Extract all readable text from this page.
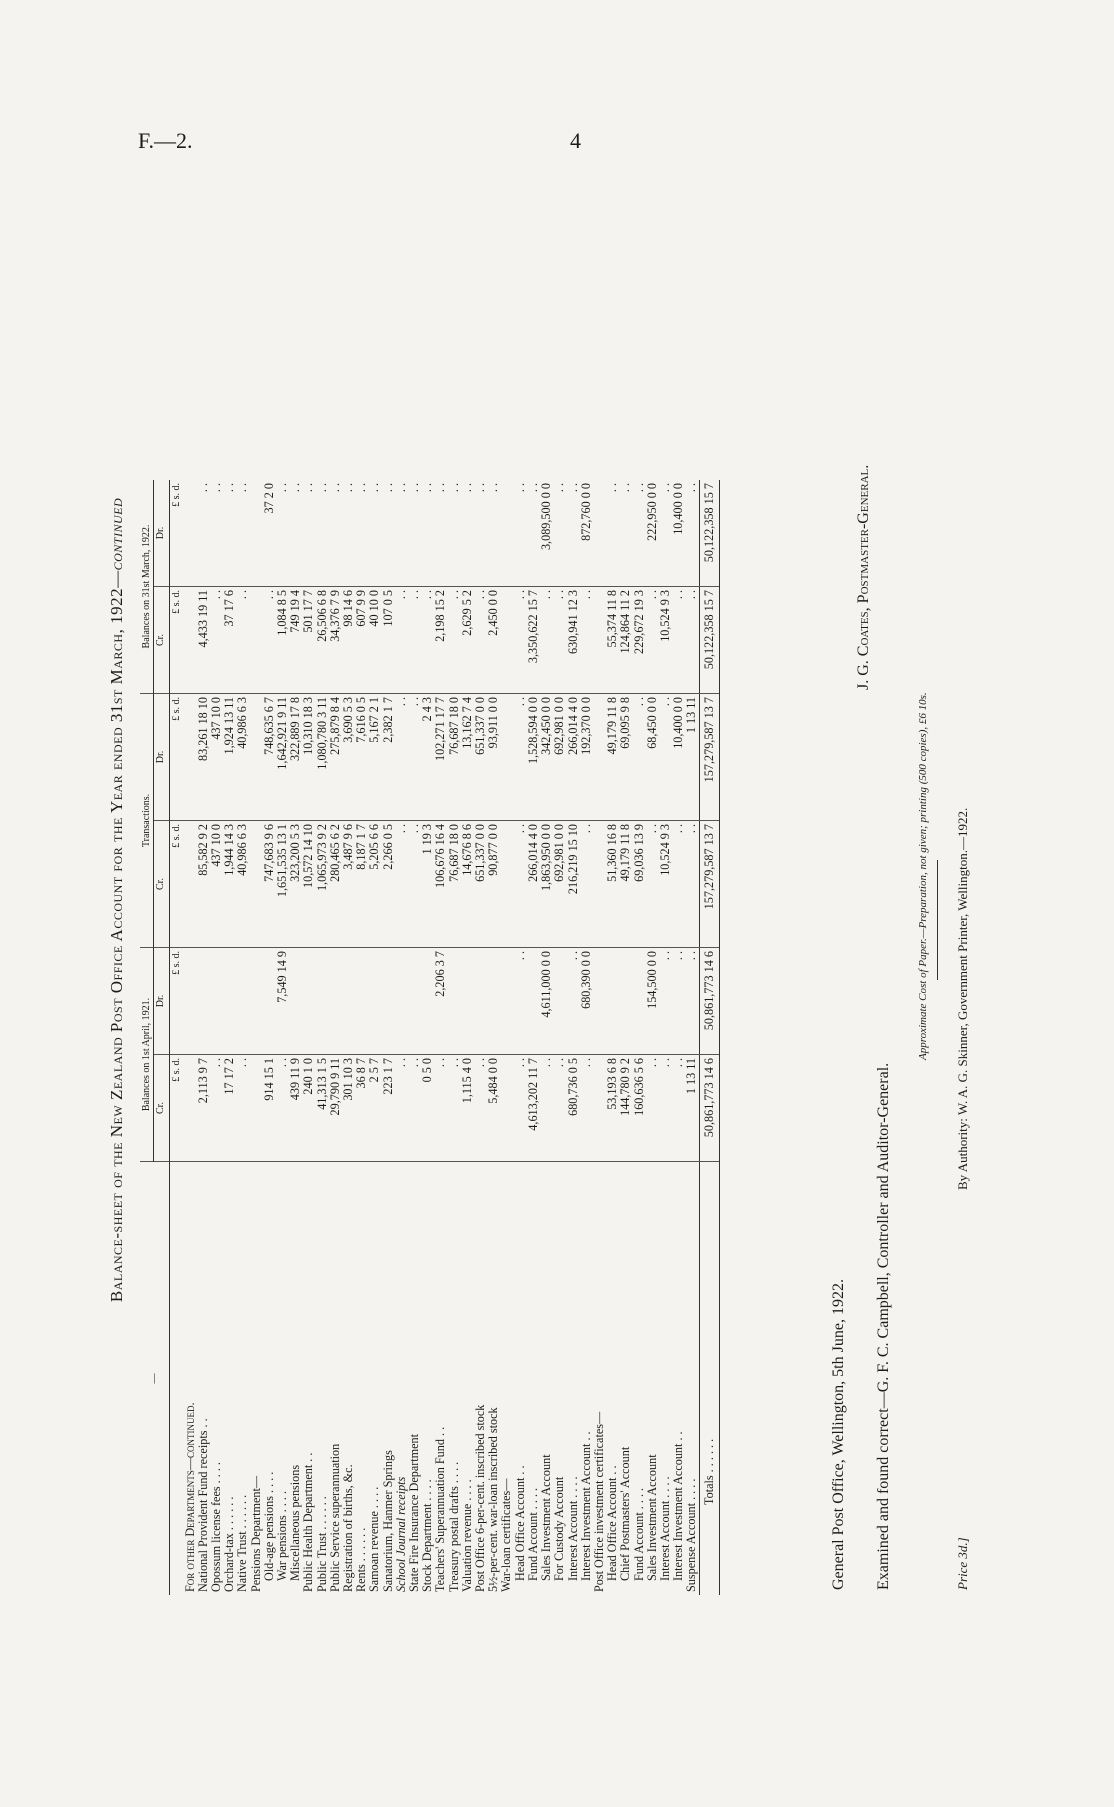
F.—2.	4
Balance-sheet of the New Zealand Post Office Account for the Year ended 31st March, 1922—continued
—	Balances on 1st April, 1921.		Transactions.		Balances on 31st March, 1922.	
	Cr.	Dr.	Cr.	Dr.	Cr.	Dr.
	£ s. d.	£ s. d.	£ s. d.	£ s. d.	£ s. d.	£ s. d.
For other Departments—continued.						
National Provident Fund receipts . .	2,113 9 7		85,582 9 2	83,261 18 10	4,433 19 11	. .
Opossum license fees . . . .	. .		437 10 0	437 10 0	. .	. .
Orchard-tax . . . . . .	17 17 2		1,944 14 3	1,924 13 11	37 17 6	. .
Native Trust . . . . . .	. .		40,986 6 3	40,986 6 3	. .	. .
Pensions Department—						
Old-age pensions . . . .	914 15 1		747,683 9 6	748,635 6 7	. .	37 2 0
War pensions . . . .	. .	7,549 14 9	1,651,535 13 1	1,642,921 9 11	1,084 8 5	. .
Miscellaneous pensions	439 11 9		323,200 5 3	322,889 17 8	749 19 4	. .
Public Health Department . .	240 1 0		10,572 14 10	10,310 18 3	501 17 7	. .
Public Trust . . . . . .	41,313 1 5		1,065,973 9 2	1,080,780 3 11	26,506 6 8	. .
Public Service superannuation	29,790 9 11		280,465 6 2	275,879 8 4	34,376 7 9	. .
Registration of births, &c.	301 10 3		3,487 9 6	3,690 5 3	98 14 6	. .
Rents . . . . . .	36 8 7		8,187 1 7	7,616 0 5	607 9 9	. .
Samoan revenue . . . .	2 5 7		5,205 6 6	5,167 2 1	40 10 0	. .
Sanatorium, Hanmer Springs	223 1 7		2,266 0 5	2,382 1 7	107 0 5	. .
School Journal receipts	. .		. .	. .	. .	. .
State Fire Insurance Department	. .		. .	. .	. .	. .
Stock Department . . . .	0 5 0		1 19 3	2 4 3	. .	. .
Teachers' Superannuation Fund . .	. .	2,206 3 7	106,676 16 4	102,271 17 7	2,198 15 2	. .
Treasury postal drafts . . . .	. .		76,687 18 0	76,687 18 0	. .	. .
Valuation revenue . . . .	1,115 4 0		14,676 8 6	13,162 7 4	2,629 5 2	. .
Post Office 6-per-cent. inscribed stock	. .		651,337 0 0	651,337 0 0	. .	. .
5½-per-cent. war-loan inscribed stock	5,484 0 0		90,877 0 0	93,911 0 0	2,450 0 0	. .
War-loan certificates—						
Head Office Account . .	. .	. .	. .	. .	. .	. .
Fund Account . . . .	4,613,202 11 7		266,014 4 0	1,528,594 0 0	3,350,622 15 7	. .
Sales Investment Account	. .	4,611,000 0 0	1,863,950 0 0	342,450 0 0	. .	3,089,500 0 0
For Custody Account	. .		692,981 0 0	692,981 0 0	. .	. .
Interest Account . . . .	680,736 0 5	. .	216,219 15 10	266,014 4 0	630,941 12 3	. .
Interest Investment Account . .	. .	680,390 0 0	. .	192,370 0 0	. .	872,760 0 0
Post Office investment certificates—						
Head Office Account . .	53,193 6 8		51,360 16 8	49,179 11 8	55,374 11 8	. .
Chief Postmasters' Account	144,780 9 2		49,179 11 8	69,095 9 8	124,864 11 2	. .
Fund Account . . . .	160,636 5 6		69,036 13 9	. .	229,672 19 3	. .
Sales Investment Account	. .	154,500 0 0	. .	68,450 0 0	. .	222,950 0 0
Interest Account . . . .	. .	. .	10,524 9 3	. .	10,524 9 3	. .
Interest Investment Account . .	. .	. .	. .	10,400 0 0	. .	10,400 0 0
Suspense Account . . . .	1 13 11	. .	. .	1 13 11	. .	. .
Totals . . . . . .	50,861,773 14 6	50,861,773 14 6	157,279,587 13 7	157,279,587 13 7	50,122,358 15 7	50,122,358 15 7
General Post Office, Wellington, 5th June, 1922.
J. G. Coates, Postmaster-General.
Examined and found correct—G. F. C. Campbell, Controller and Auditor-General.
Approximate Cost of Paper.—Preparation, not given; printing (500 copies), £6 10s.
Price 3d.]
By Authority: W. A. G. Skinner, Government Printer, Wellington.—1922.
